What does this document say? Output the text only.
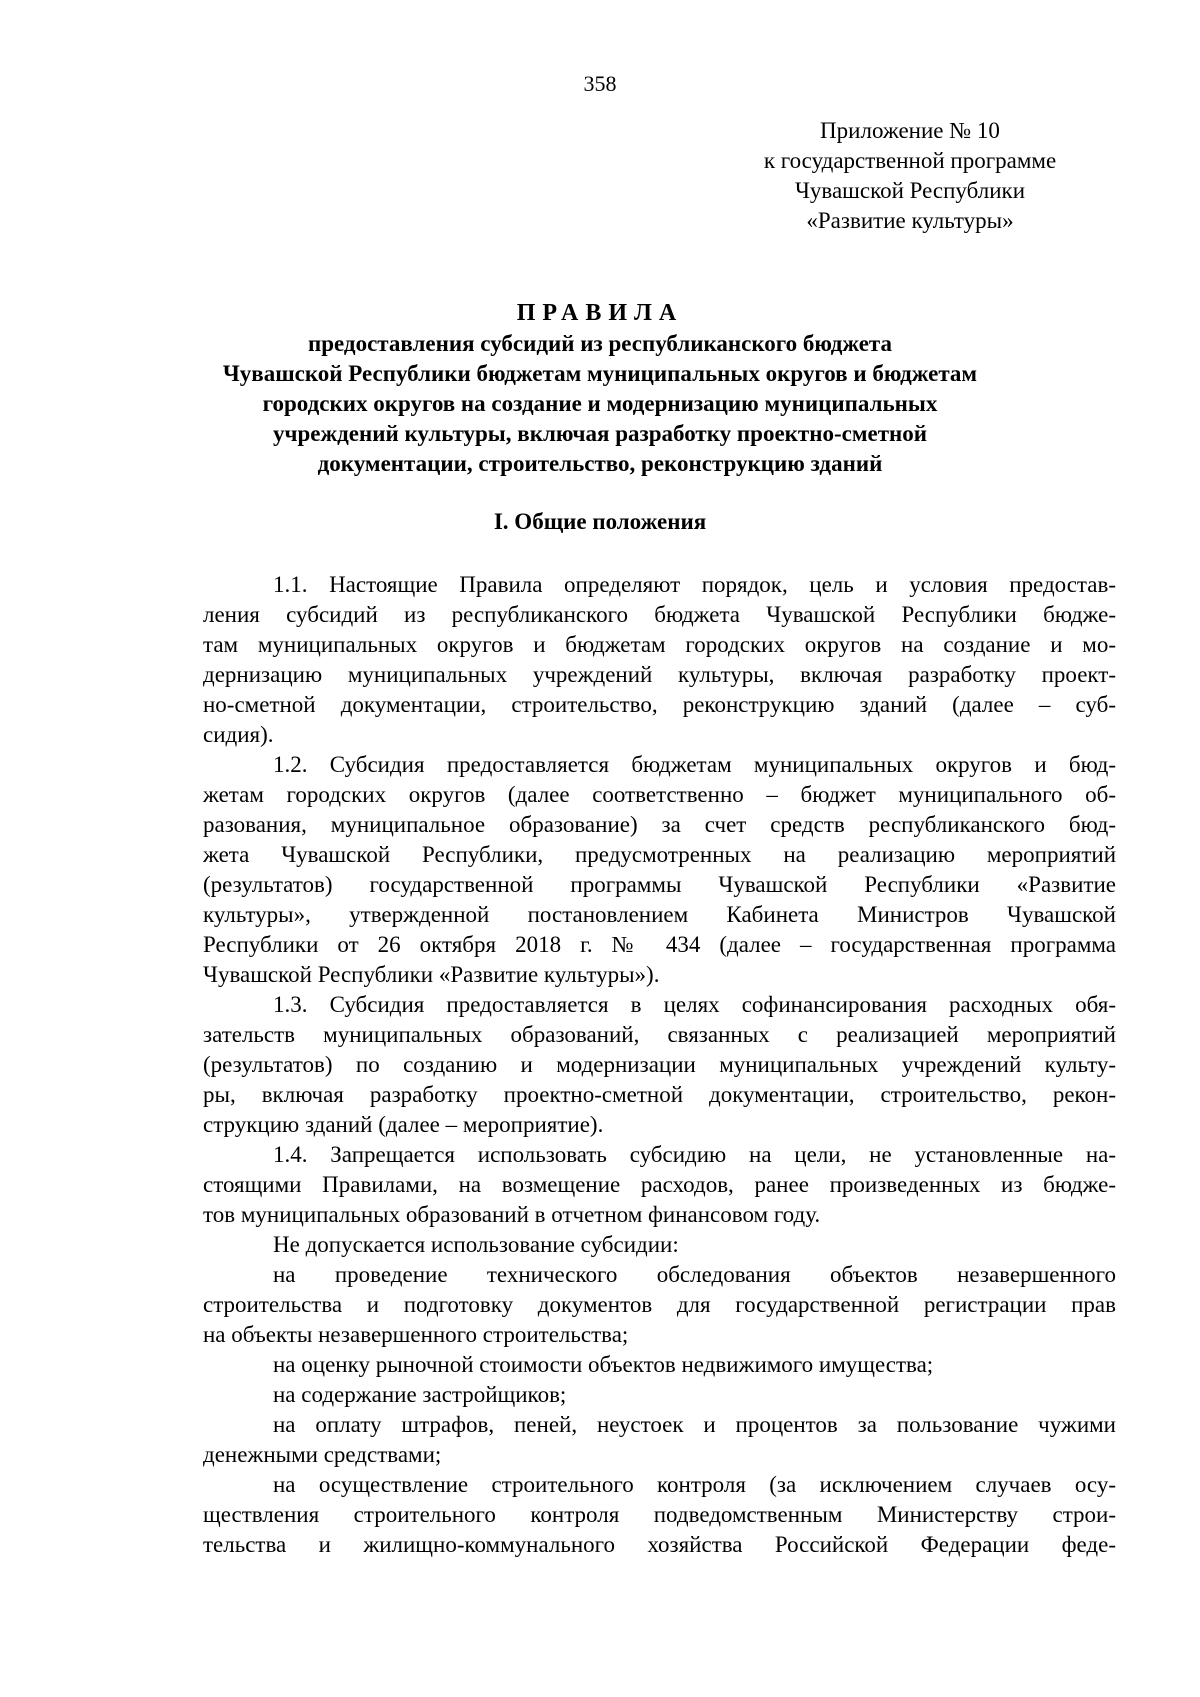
358
Приложение № 10
к государственной программе
Чувашской Республики
«Развитие культуры»
ПРАВИЛА
предоставления субсидий из республиканского бюджета
Чувашской Республики бюджетам муниципальных округов и бюджетам
городских округов на создание и модернизацию муниципальных
учреждений культуры, включая разработку проектно-сметной
документации, строительство, реконструкцию зданий
I. Общие положения
1.1. Настоящие Правила определяют порядок, цель и условия предостав-
ления субсидий из республиканского бюджета Чувашской Республики бюдже-
там муниципальных округов и бюджетам городских округов на создание и мо-
дернизацию муниципальных учреждений культуры, включая разработку проект-
но-сметной документации, строительство, реконструкцию зданий (далее – суб-
сидия).
1.2. Субсидия предоставляется бюджетам муниципальных округов и бюд-
жетам городских округов (далее соответственно – бюджет муниципального об-
разования, муниципальное образование) за счет средств республиканского бюд-
жета Чувашской Республики, предусмотренных на реализацию мероприятий
(результатов) государственной программы Чувашской Республики «Развитие
культуры», утвержденной постановлением Кабинета Министров Чувашской
Республики от 26 октября 2018 г. № 434 (далее – государственная программа
Чувашской Республики «Развитие культуры»).
1.3. Субсидия предоставляется в целях софинансирования расходных обя-
зательств муниципальных образований, связанных с реализацией мероприятий
(результатов) по созданию и модернизации муниципальных учреждений культу-
ры, включая разработку проектно-сметной документации, строительство, рекон-
струкцию зданий (далее – мероприятие).
1.4. Запрещается использовать субсидию на цели, не установленные на-
стоящими Правилами, на возмещение расходов, ранее произведенных из бюдже-
тов муниципальных образований в отчетном финансовом году.
Не допускается использование субсидии:
на проведение технического обследования объектов незавершенного
строительства и подготовку документов для государственной регистрации прав
на объекты незавершенного строительства;
на оценку рыночной стоимости объектов недвижимого имущества;
на содержание застройщиков;
на оплату штрафов, пеней, неустоек и процентов за пользование чужими
денежными средствами;
на осуществление строительного контроля (за исключением случаев осу-
ществления строительного контроля подведомственным Министерству строи-
тельства и жилищно-коммунального хозяйства Российской Федерации феде-
